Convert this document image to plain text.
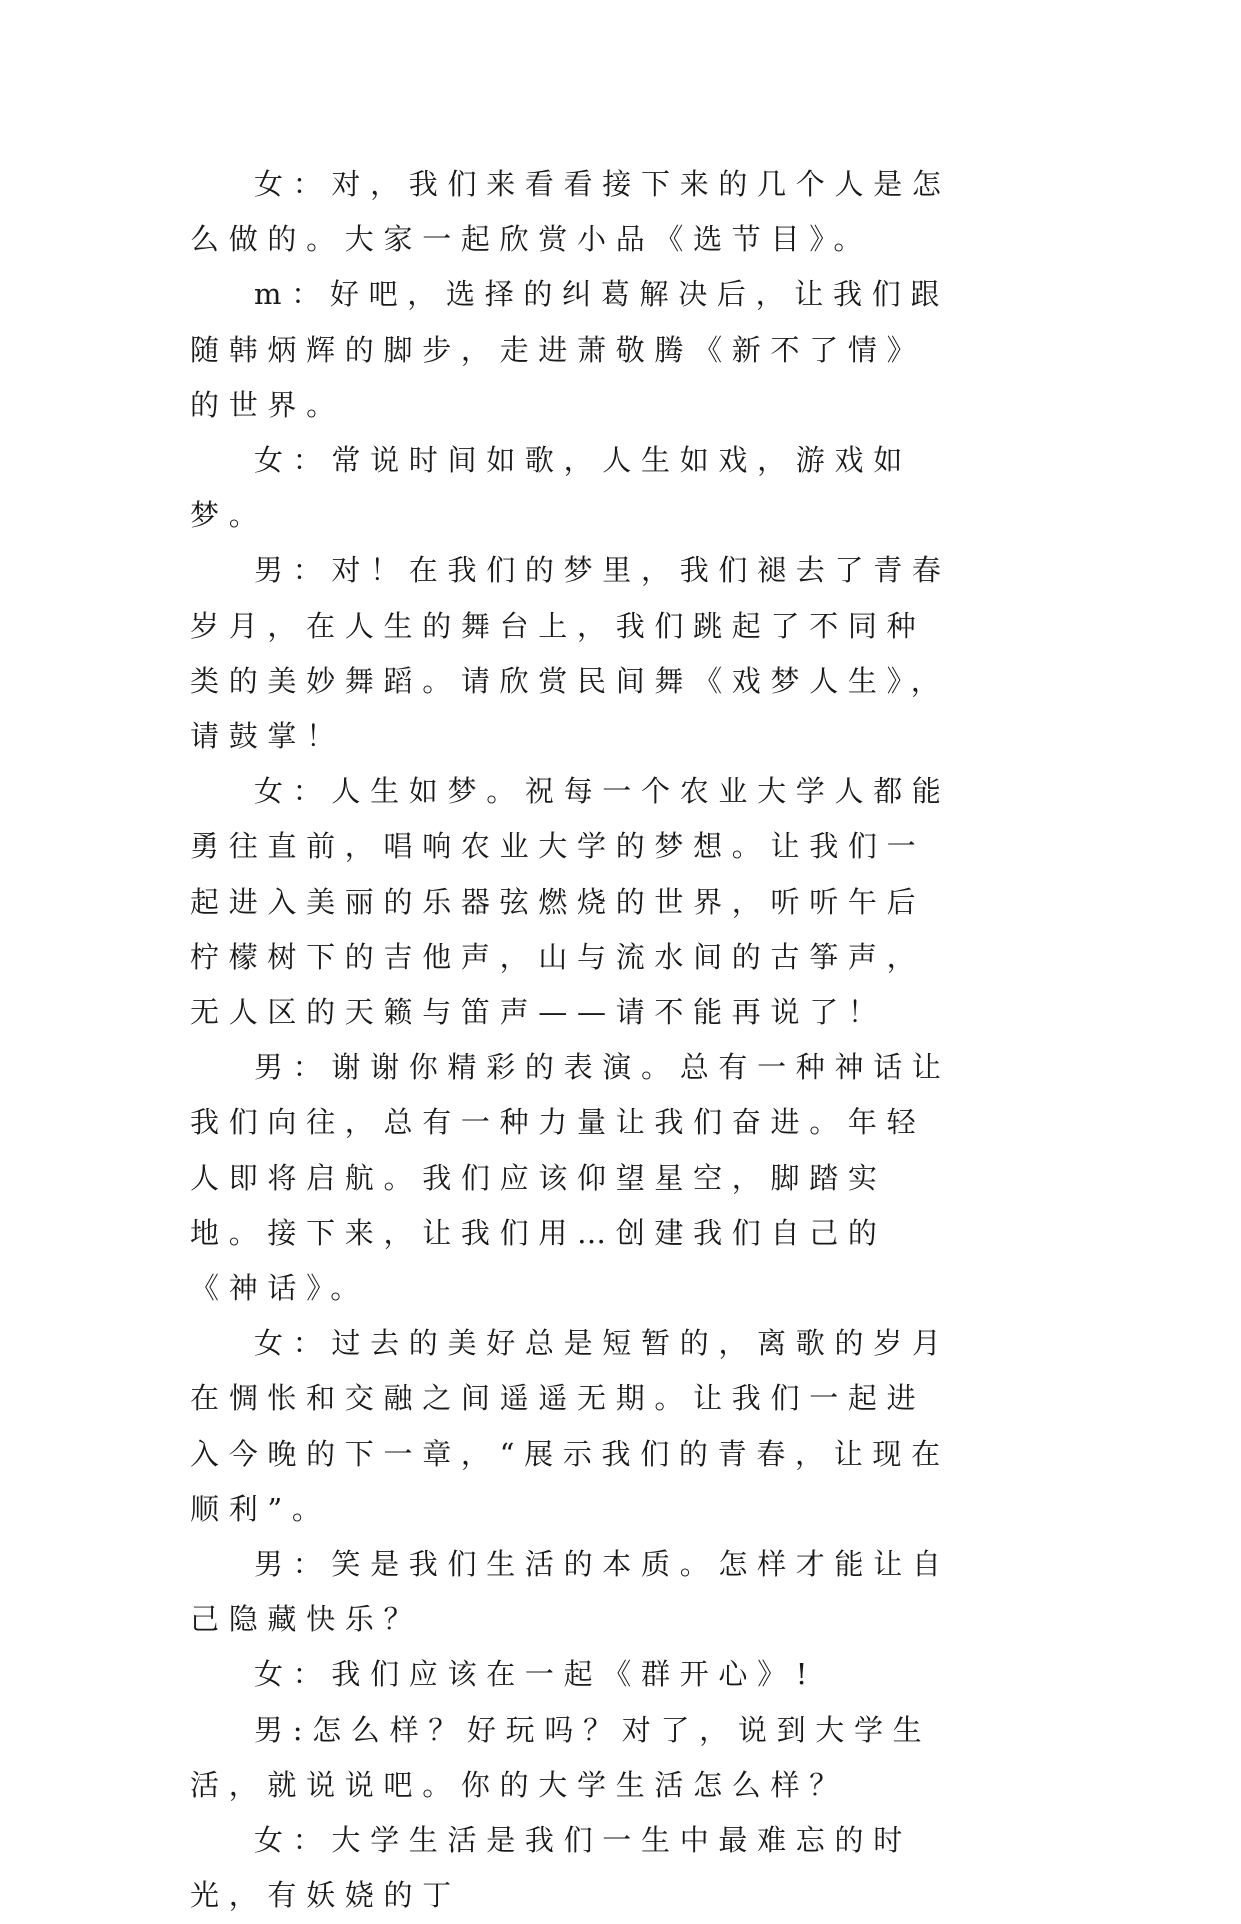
女：对，我们来看看接下来的几个人是怎么做的。大家一起欣赏小品《选节目》。

m：好吧，选择的纠葛解决后，让我们跟随韩炳辉的脚步，走进萧敬腾《新不了情》的世界。

女：常说时间如歌，人生如戏，游戏如梦。

男：对！在我们的梦里，我们褪去了青春岁月，在人生的舞台上，我们跳起了不同种类的美妙舞蹈。请欣赏民间舞《戏梦人生》，请鼓掌！

女：人生如梦。祝每一个农业大学人都能勇往直前，唱响农业大学的梦想。让我们一起进入美丽的乐器弦燃烧的世界，听听午后柠檬树下的吉他声，山与流水间的古筝声，无人区的天籁与笛声——请不能再说了！

男：谢谢你精彩的表演。总有一种神话让我们向往，总有一种力量让我们奋进。年轻人即将启航。我们应该仰望星空，脚踏实地。接下来，让我们用…创建我们自己的《神话》。

女：过去的美好总是短暂的，离歌的岁月在惆怅和交融之间遥遥无期。让我们一起进入今晚的下一章，“展示我们的青春，让现在顺利”。

男：笑是我们生活的本质。怎样才能让自己隐藏快乐？

女：我们应该在一起《群开心》!

男:怎么样？好玩吗？对了，说到大学生活，就说说吧。你的大学生活怎么样？

女：大学生活是我们一生中最难忘的时光，有妖娆的丁
